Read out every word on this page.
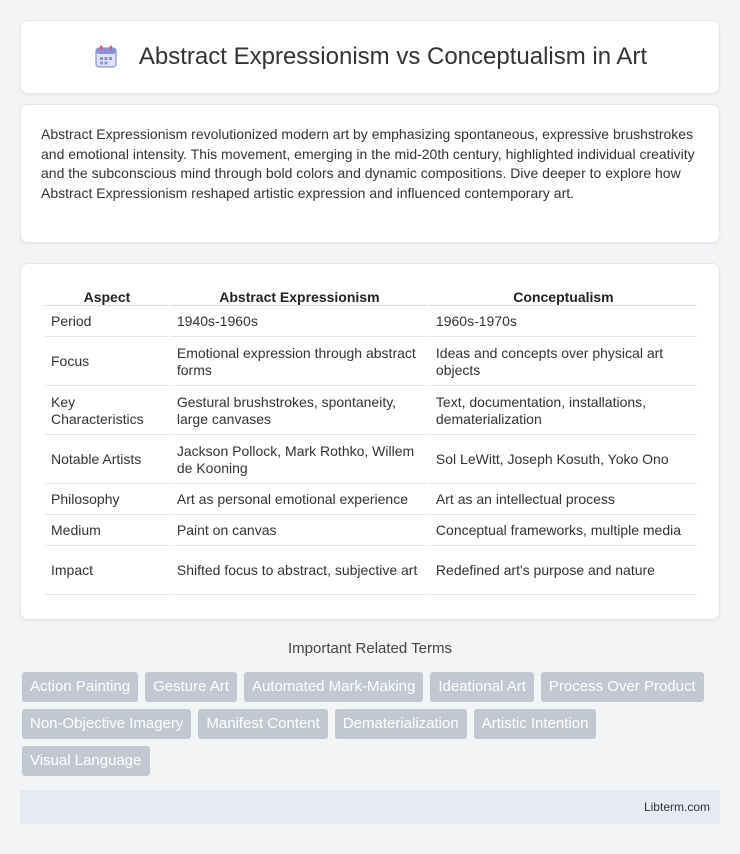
Abstract Expressionism vs Conceptualism in Art

Abstract Expressionism revolutionized modern art by emphasizing spontaneous, expressive brushstrokes and emotional intensity. This movement, emerging in the mid-20th century, highlighted individual creativity and the subconscious mind through bold colors and dynamic compositions. Dive deeper to explore how Abstract Expressionism reshaped artistic expression and influenced contemporary art.

Aspect	Abstract Expressionism	Conceptualism
Period	1940s-1960s	1960s-1970s
Focus	Emotional expression through abstract forms	Ideas and concepts over physical art objects
Key Characteristics	Gestural brushstrokes, spontaneity, large canvases	Text, documentation, installations, dematerialization
Notable Artists	Jackson Pollock, Mark Rothko, Willem de Kooning	Sol LeWitt, Joseph Kosuth, Yoko Ono
Philosophy	Art as personal emotional experience	Art as an intellectual process
Medium	Paint on canvas	Conceptual frameworks, multiple media
Impact	Shifted focus to abstract, subjective art	Redefined art's purpose and nature
Important Related Terms
Action Painting	Gesture Art	Automated Mark-Making	Ideational Art	Process Over Product
Non-Objective Imagery	Manifest Content	Dematerialization	Artistic Intention
Visual Language
Libterm.com
